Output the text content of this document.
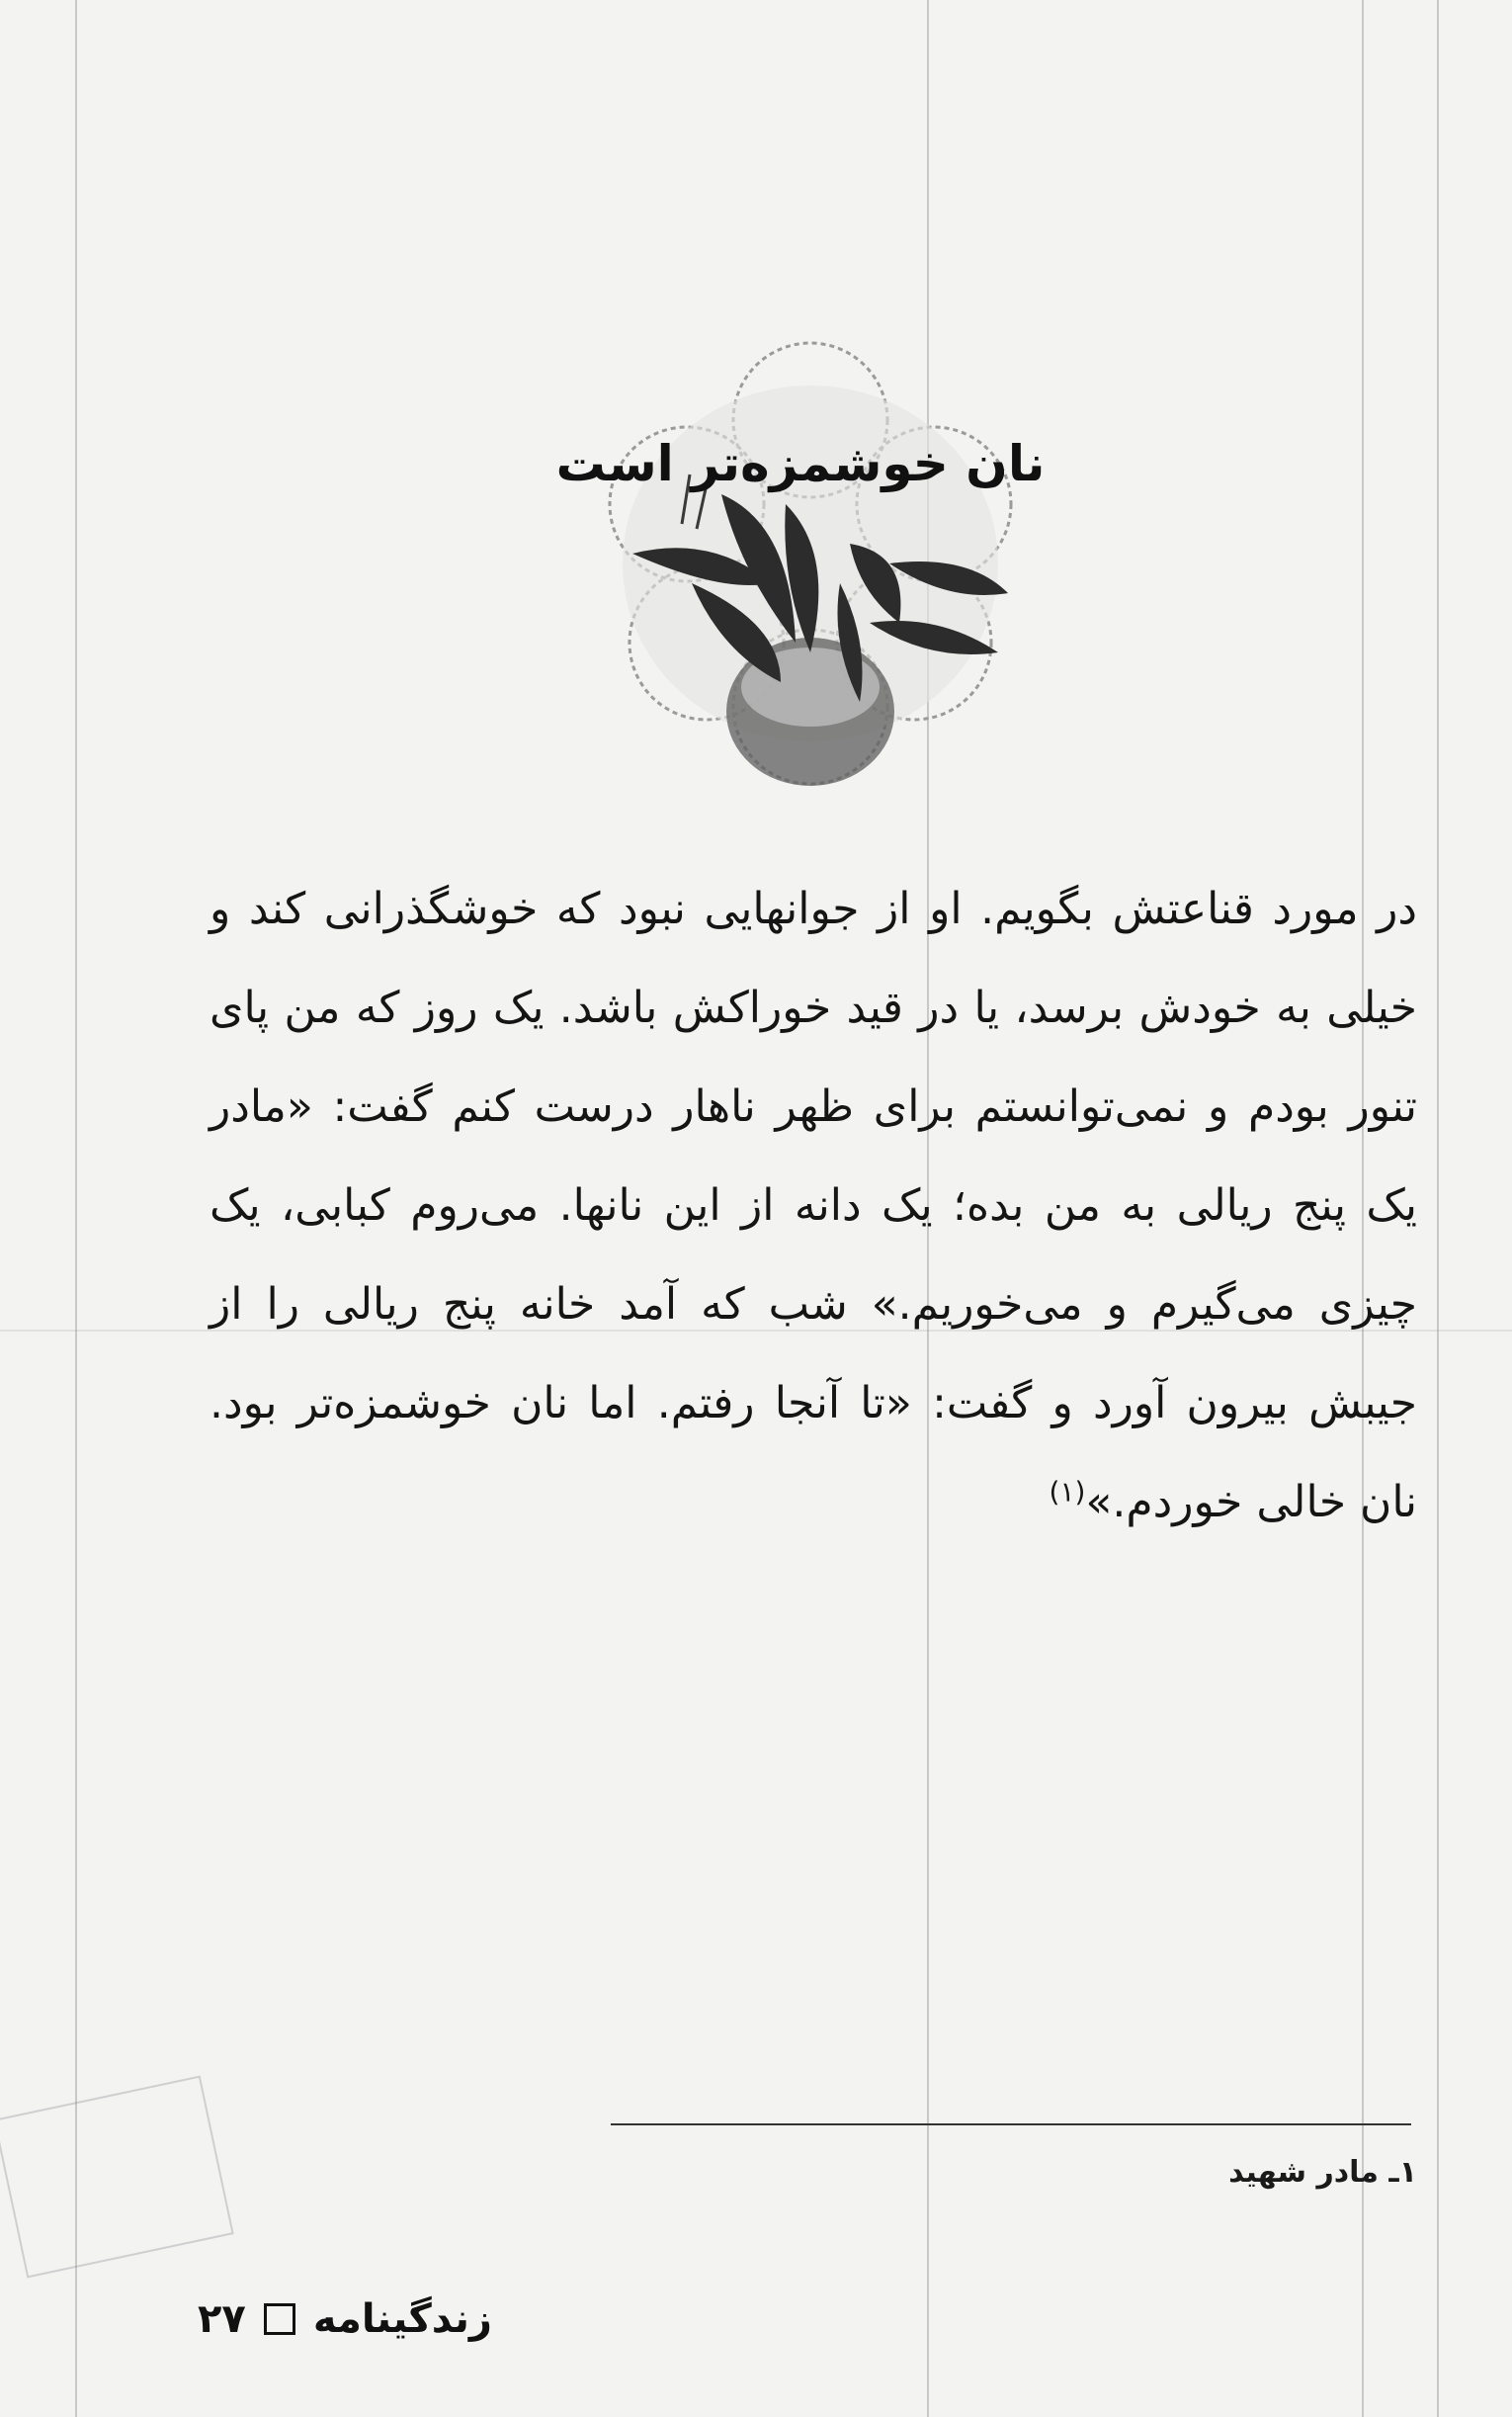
نان خوشمزه‌تر است

در مورد قناعتش بگویم. او از جوانهایی نبود که خوشگذرانی کند و خیلی به خودش برسد، یا در قید خوراکش باشد. یک روز که من پای تنور بودم و نمی‌توانستم برای ظهر ناهار درست کنم گفت: «مادر یک پنج ریالی به من بده؛ یک دانه از این نانها. می‌روم کبابی، یک چیزی می‌گیرم و می‌خوریم.» شب که آمد خانه پنج ریالی را از جیبش بیرون آورد و گفت: «تا آنجا رفتم. اما نان خوشمزه‌تر بود. نان خالی خوردم.»$^{(۱)}$

۱ـ مادر شهید
زندگینامه
۲۷
